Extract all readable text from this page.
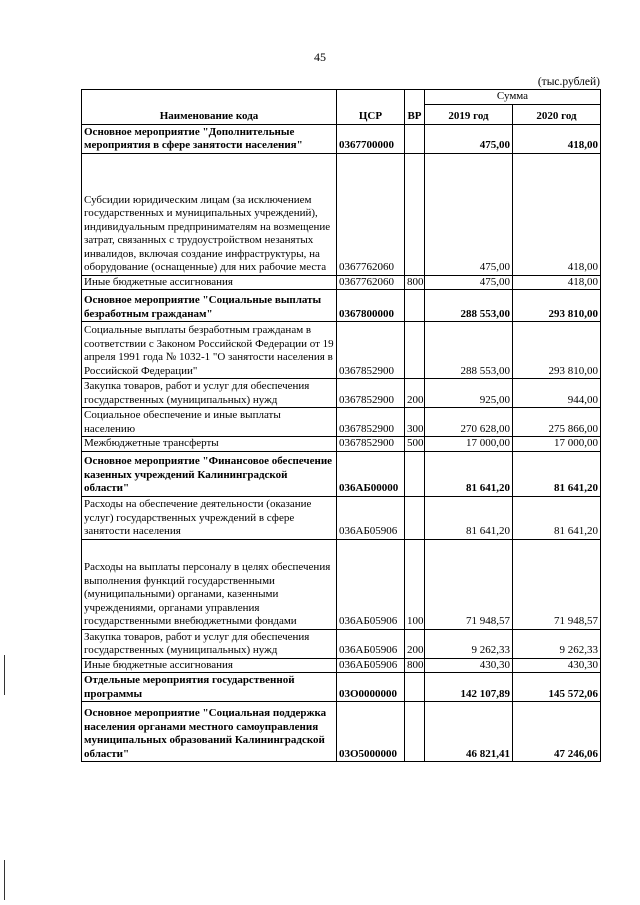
45
(тыс.рублей)
Наименование кода	ЦСР	ВР	Сумма	
			2019 год	2020 год
Основное мероприятие "Дополнительные мероприятия в сфере занятости населения"	0367700000		475,00	418,00
Субсидии юридическим лицам (за исключением государственных и муниципальных учреждений), индивидуальным предпринимателям на возмещение затрат, связанных с трудоустройством незанятых инвалидов, включая создание инфраструктуры, на оборудование (оснащенные) для них рабочие места	0367762060		475,00	418,00
Иные бюджетные ассигнования	0367762060	800	475,00	418,00
Основное мероприятие "Социальные выплаты безработным гражданам"	0367800000		288 553,00	293 810,00
Социальные выплаты безработным гражданам в соответствии с Законом Российской Федерации от 19 апреля 1991 года № 1032-1 "О занятости населения в Российской Федерации"	0367852900		288 553,00	293 810,00
Закупка товаров, работ и услуг для обеспечения государственных (муниципальных) нужд	0367852900	200	925,00	944,00
Социальное обеспечение и иные выплаты населению	0367852900	300	270 628,00	275 866,00
Межбюджетные трансферты	0367852900	500	17 000,00	17 000,00
Основное мероприятие "Финансовое обеспечение казенных учреждений Калининградской области"	036АБ00000		81 641,20	81 641,20
Расходы на обеспечение деятельности (оказание услуг) государственных учреждений в сфере занятости населения	036АБ05906		81 641,20	81 641,20
Расходы на выплаты персоналу в целях обеспечения выполнения функций государственными (муниципальными) органами, казенными учреждениями, органами управления государственными внебюджетными фондами	036АБ05906	100	71 948,57	71 948,57
Закупка товаров, работ и услуг для обеспечения государственных (муниципальных) нужд	036АБ05906	200	9 262,33	9 262,33
Иные бюджетные ассигнования	036АБ05906	800	430,30	430,30
Отдельные мероприятия государственной программы	03О0000000		142 107,89	145 572,06
Основное мероприятие "Социальная поддержка населения органами местного самоуправления муниципальных образований Калининградской области"	03О5000000		46 821,41	47 246,06
